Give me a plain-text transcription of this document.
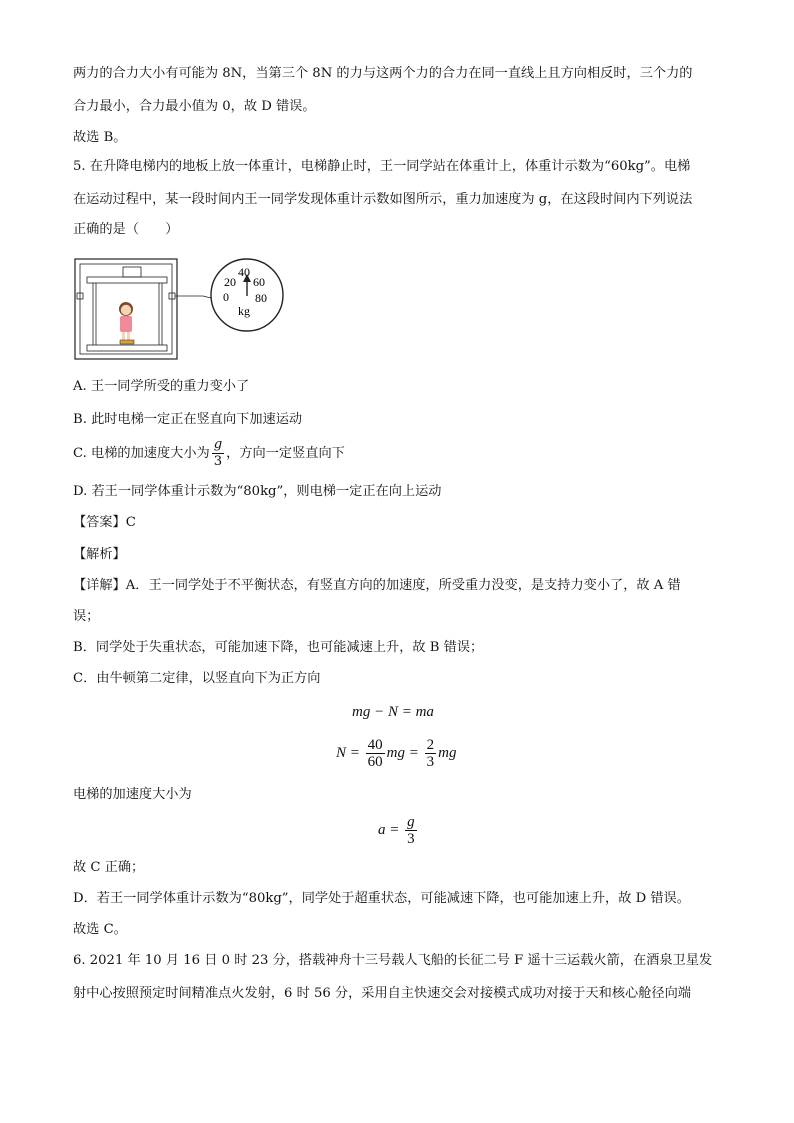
两力的合力大小有可能为 8N，当第三个 8N 的力与这两个力的合力在同一直线上且方向相反时，三个力的
合力最小，合力最小值为 0，故 D 错误。
故选 B。
5. 在升降电梯内的地板上放一体重计，电梯静止时，王一同学站在体重计上，体重计示数为“60kg”。电梯
在运动过程中，某一段时间内王一同学发现体重计示数如图所示，重力加速度为 g，在这段时间内下列说法
正确的是（　　）
0
20
40
60
80
kg
A. 王一同学所受的重力变小了
B. 此时电梯一定正在竖直向下加速运动
C. 电梯的加速度大小为 $\frac{g}{3}$ ，方向一定竖直向下
D. 若王一同学体重计示数为“80kg”，则电梯一定正在向上运动
【答案】C
【解析】
【详解】A．王一同学处于不平衡状态，有竖直方向的加速度，所受重力没变，是支持力变小了，故 A 错
误；
B．同学处于失重状态，可能加速下降，也可能减速上升，故 B 错误；
C．由牛顿第二定律，以竖直向下为正方向
mg − N = ma
$N = \frac{40}{60}$ mg = $\frac{2}{3}$ mg
电梯的加速度大小为
$a = \frac{g}{3}$
故 C 正确；
D．若王一同学体重计示数为“80kg”，同学处于超重状态，可能减速下降，也可能加速上升，故 D 错误。
故选 C。
6. 2021 年 10 月 16 日 0 时 23 分，搭载神舟十三号载人飞船的长征二号 F 遥十三运载火箭，在酒泉卫星发
射中心按照预定时间精准点火发射，6 时 56 分，采用自主快速交会对接模式成功对接于天和核心舱径向端
